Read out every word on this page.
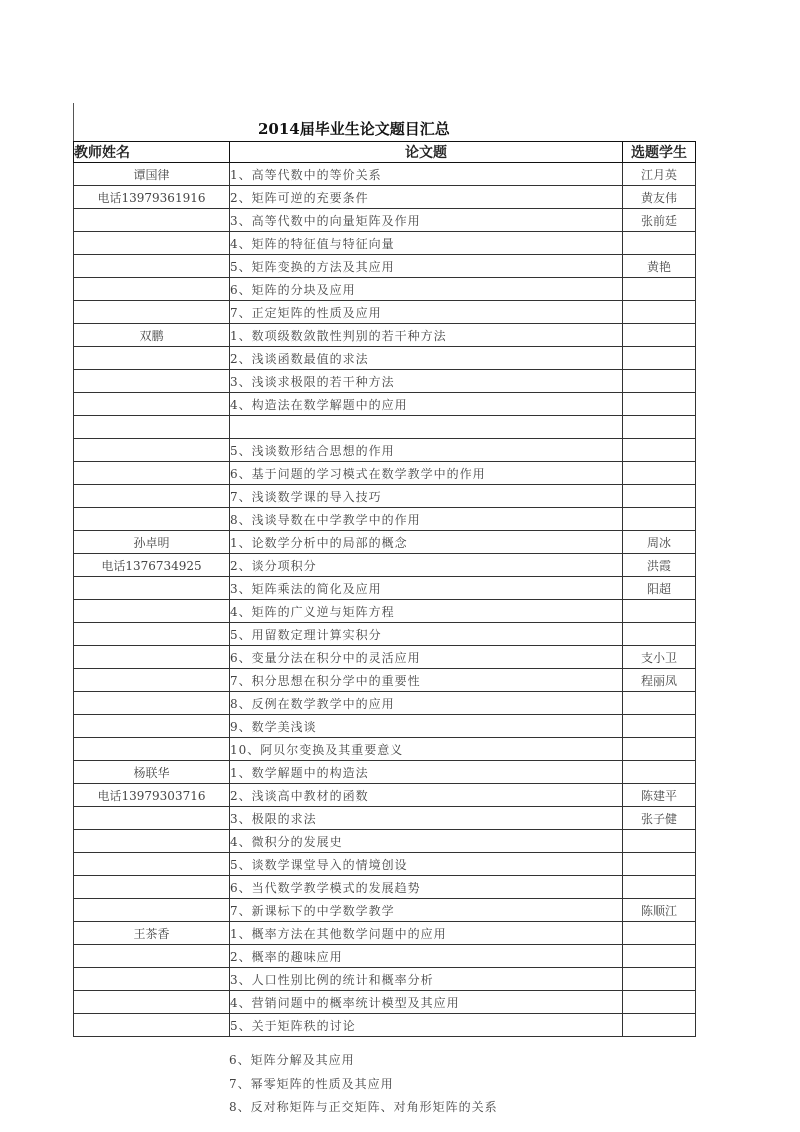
2014届毕业生论文题目汇总
教师姓名	论文题	选题学生
谭国律	1、高等代数中的等价关系	江月英
电话13979361916	2、矩阵可逆的充要条件	黄友伟
	3、高等代数中的向量矩阵及作用	张前廷
	4、矩阵的特征值与特征向量	
	5、矩阵变换的方法及其应用	黄艳
	6、矩阵的分块及应用	
	7、正定矩阵的性质及应用	
双鹏	1、数项级数敛散性判别的若干种方法	
	2、浅谈函数最值的求法	
	3、浅谈求极限的若干种方法	
	4、构造法在数学解题中的应用	

	5、浅谈数形结合思想的作用	
	6、基于问题的学习模式在数学教学中的作用	
	7、浅谈数学课的导入技巧	
	8、浅谈导数在中学教学中的作用	
孙卓明	1、论数学分析中的局部的概念	周冰
电话13767349​25	2、谈分项积分	洪霞
	3、矩阵乘法的简化及应用	阳超
	4、矩阵的广义逆与矩阵方程	
	5、用留数定理计算实积分	
	6、变量分法在积分中的灵活应用	支小卫
	7、积分思想在积分学中的重要性	程丽凤
	8、反例在数学教学中的应用	
	9、数学美浅谈	
	10、阿贝尔变换及其重要意义	
杨联华	1、数学解题中的构造法	
电话13979303716	2、浅谈高中教材的函数	陈建平
	3、极限的求法	张子健
	4、微积分的发展史	
	5、谈数学课堂导入的情境创设	
	6、当代数学教学模式的发展趋势	
	7、新课标下的中学数学教学	陈顺江
王茶香	1、概率方法在其他数学问题中的应用	
	2、概率的趣味应用	
	3、人口性别比例的统计和概率分析	
	4、营销问题中的概率统计模型及其应用	
	5、关于矩阵秩的讨论	
6、矩阵分解及其应用
7、幂零矩阵的性质及其应用
8、反对称矩阵与正交矩阵、对角形矩阵的关系
